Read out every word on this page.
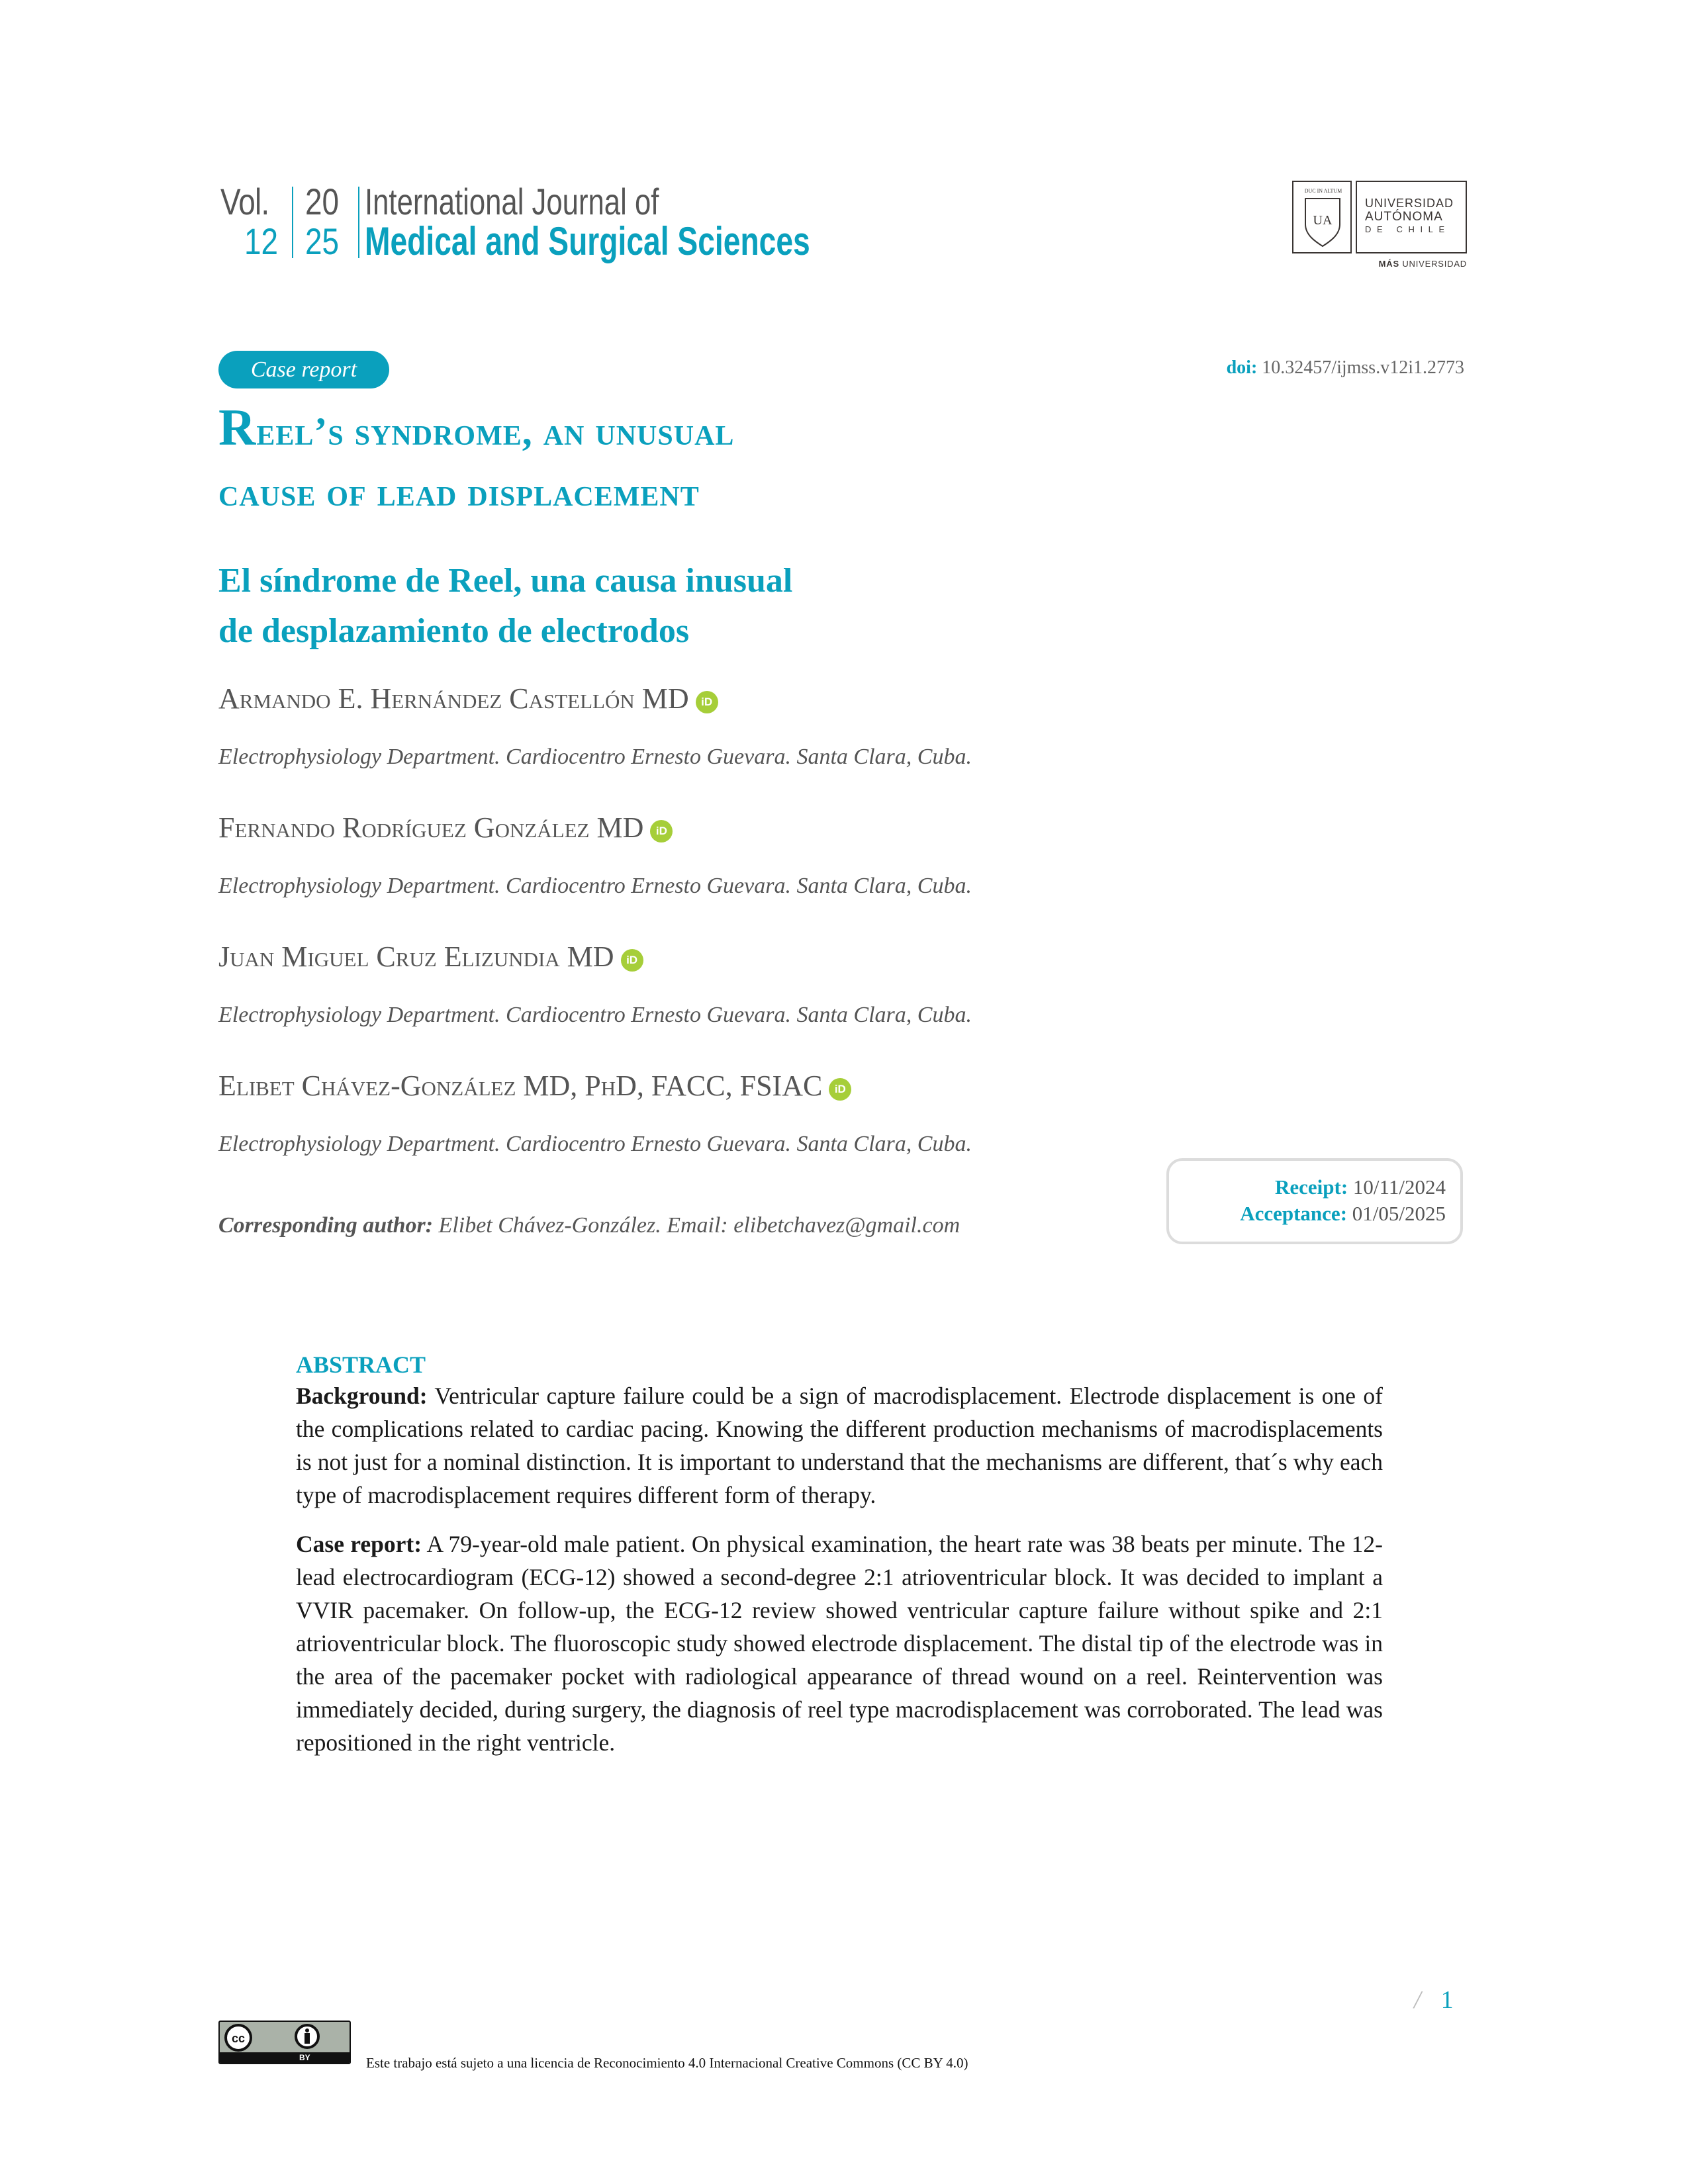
Vol.
12
20
25
International Journal of
Medical and Surgical Sciences
DUC IN ALTUM
UA
UNIVERSIDAD
AUTÓNOMA
DE CHILE
MÁS UNIVERSIDAD
Case report	doi: 10.32457/ijmss.v12i1.2773
Reel’s syndrome, an unusual
cause of lead displacement
El síndrome de Reel, una causa inusual
de desplazamiento de electrodos
Armando E. Hernández Castellón MD iD
Electrophysiology Department. Cardiocentro Ernesto Guevara. Santa Clara, Cuba.
Fernando Rodríguez González MD iD
Electrophysiology Department. Cardiocentro Ernesto Guevara. Santa Clara, Cuba.
Juan Miguel Cruz Elizundia MD iD
Electrophysiology Department. Cardiocentro Ernesto Guevara. Santa Clara, Cuba.
Elibet Chávez-González MD, PhD, FACC, FSIAC iD
Electrophysiology Department. Cardiocentro Ernesto Guevara. Santa Clara, Cuba.
Corresponding author: Elibet Chávez-González. Email: elibetchavez@gmail.com
Receipt: 10/11/2024
Acceptance: 01/05/2025
ABSTRACT

Background: Ventricular capture failure could be a sign of macrodisplacement. Electrode displacement is one of the complications related to cardiac pacing. Knowing the different production mechanisms of macrodisplacements is not just for a nominal distinction. It is important to understand that the mechanisms are different, that´s why each type of macrodisplacement requires different form of therapy.

Case report: A 79-year-old male patient. On physical examination, the heart rate was 38 beats per minute. The 12-lead electrocardiogram (ECG-12) showed a second-degree 2:1 atrioventricular block. It was decided to implant a VVIR pacemaker. On follow-up, the ECG-12 review showed ventricular capture failure without spike and 2:1 atrioventricular block. The fluoroscopic study showed electrode displacement. The distal tip of the electrode was in the area of the pacemaker pocket with radiological appearance of thread wound on a reel. Reintervention was immediately decided, during surgery, the diagnosis of reel type macrodisplacement was corroborated. The lead was repositioned in the right ventricle.

/ 1
cc
BY	Este trabajo está sujeto a una licencia de Reconocimiento 4.0 Internacional Creative Commons (CC BY 4.0)
